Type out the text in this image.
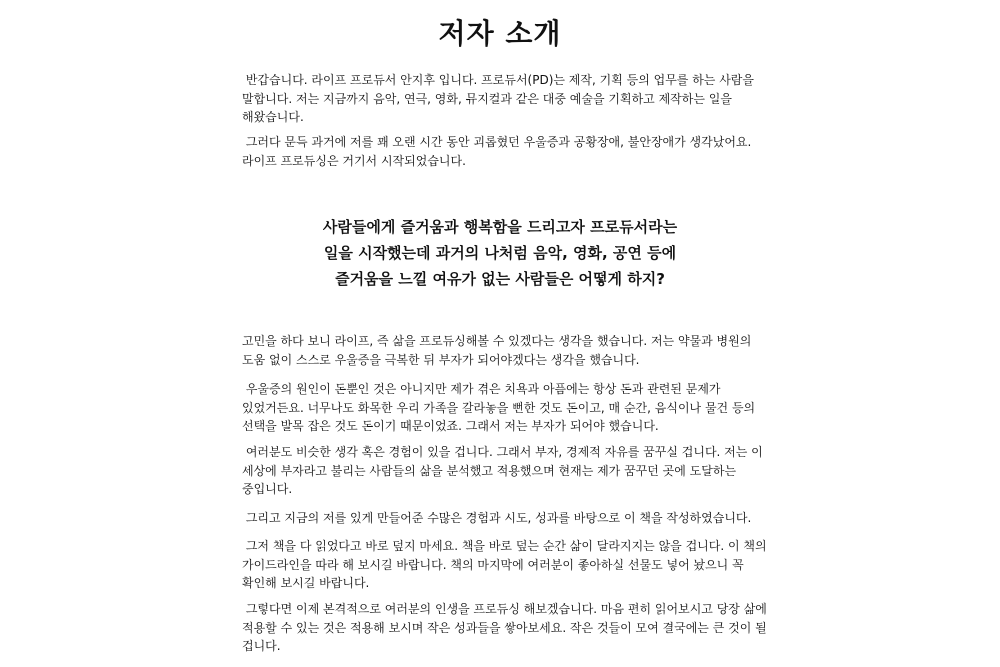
저자 소개

반갑습니다. 라이프 프로듀서 안지후 입니다. 프로듀서(PD)는 제작, 기획 등의 업무를 하는 사람을 말합니다. 저는 지금까지 음악, 연극, 영화, 뮤지컬과 같은 대중 예술을 기획하고 제작하는 일을 해왔습니다.

그러다 문득 과거에 저를 꽤 오랜 시간 동안 괴롭혔던 우울증과 공황장애, 불안장애가 생각났어요. 라이프 프로듀싱은 거기서 시작되었습니다.

사람들에게 즐거움과 행복함을 드리고자 프로듀서라는
일을 시작했는데 과거의 나처럼 음악, 영화, 공연 등에
즐거움을 느낄 여유가 없는 사람들은 어떻게 하지?

고민을 하다 보니 라이프, 즉 삶을 프로듀싱해볼 수 있겠다는 생각을 했습니다. 저는 약물과 병원의 도움 없이 스스로 우울증을 극복한 뒤 부자가 되어야겠다는 생각을 했습니다.

우울증의 원인이 돈뿐인 것은 아니지만 제가 겪은 치욕과 아픔에는 항상 돈과 관련된 문제가 있었거든요. 너무나도 화목한 우리 가족을 갈라놓을 뻔한 것도 돈이고, 매 순간, 음식이나 물건 등의 선택을 발목 잡은 것도 돈이기 때문이었죠. 그래서 저는 부자가 되어야 했습니다.

여러분도 비슷한 생각 혹은 경험이 있을 겁니다. 그래서 부자, 경제적 자유를 꿈꾸실 겁니다. 저는 이 세상에 부자라고 불리는 사람들의 삶을 분석했고 적용했으며 현재는 제가 꿈꾸던 곳에 도달하는 중입니다.

그리고 지금의 저를 있게 만들어준 수많은 경험과 시도, 성과를 바탕으로 이 책을 작성하였습니다.

그저 책을 다 읽었다고 바로 덮지 마세요. 책을 바로 덮는 순간 삶이 달라지지는 않을 겁니다. 이 책의 가이드라인을 따라 해 보시길 바랍니다. 책의 마지막에 여러분이 좋아하실 선물도 넣어 놨으니 꼭 확인해 보시길 바랍니다.

그렇다면 이제 본격적으로 여러분의 인생을 프로듀싱 해보겠습니다. 마음 편히 읽어보시고 당장 삶에 적용할 수 있는 것은 적용해 보시며 작은 성과들을 쌓아보세요. 작은 것들이 모여 결국에는 큰 것이 될 겁니다.
